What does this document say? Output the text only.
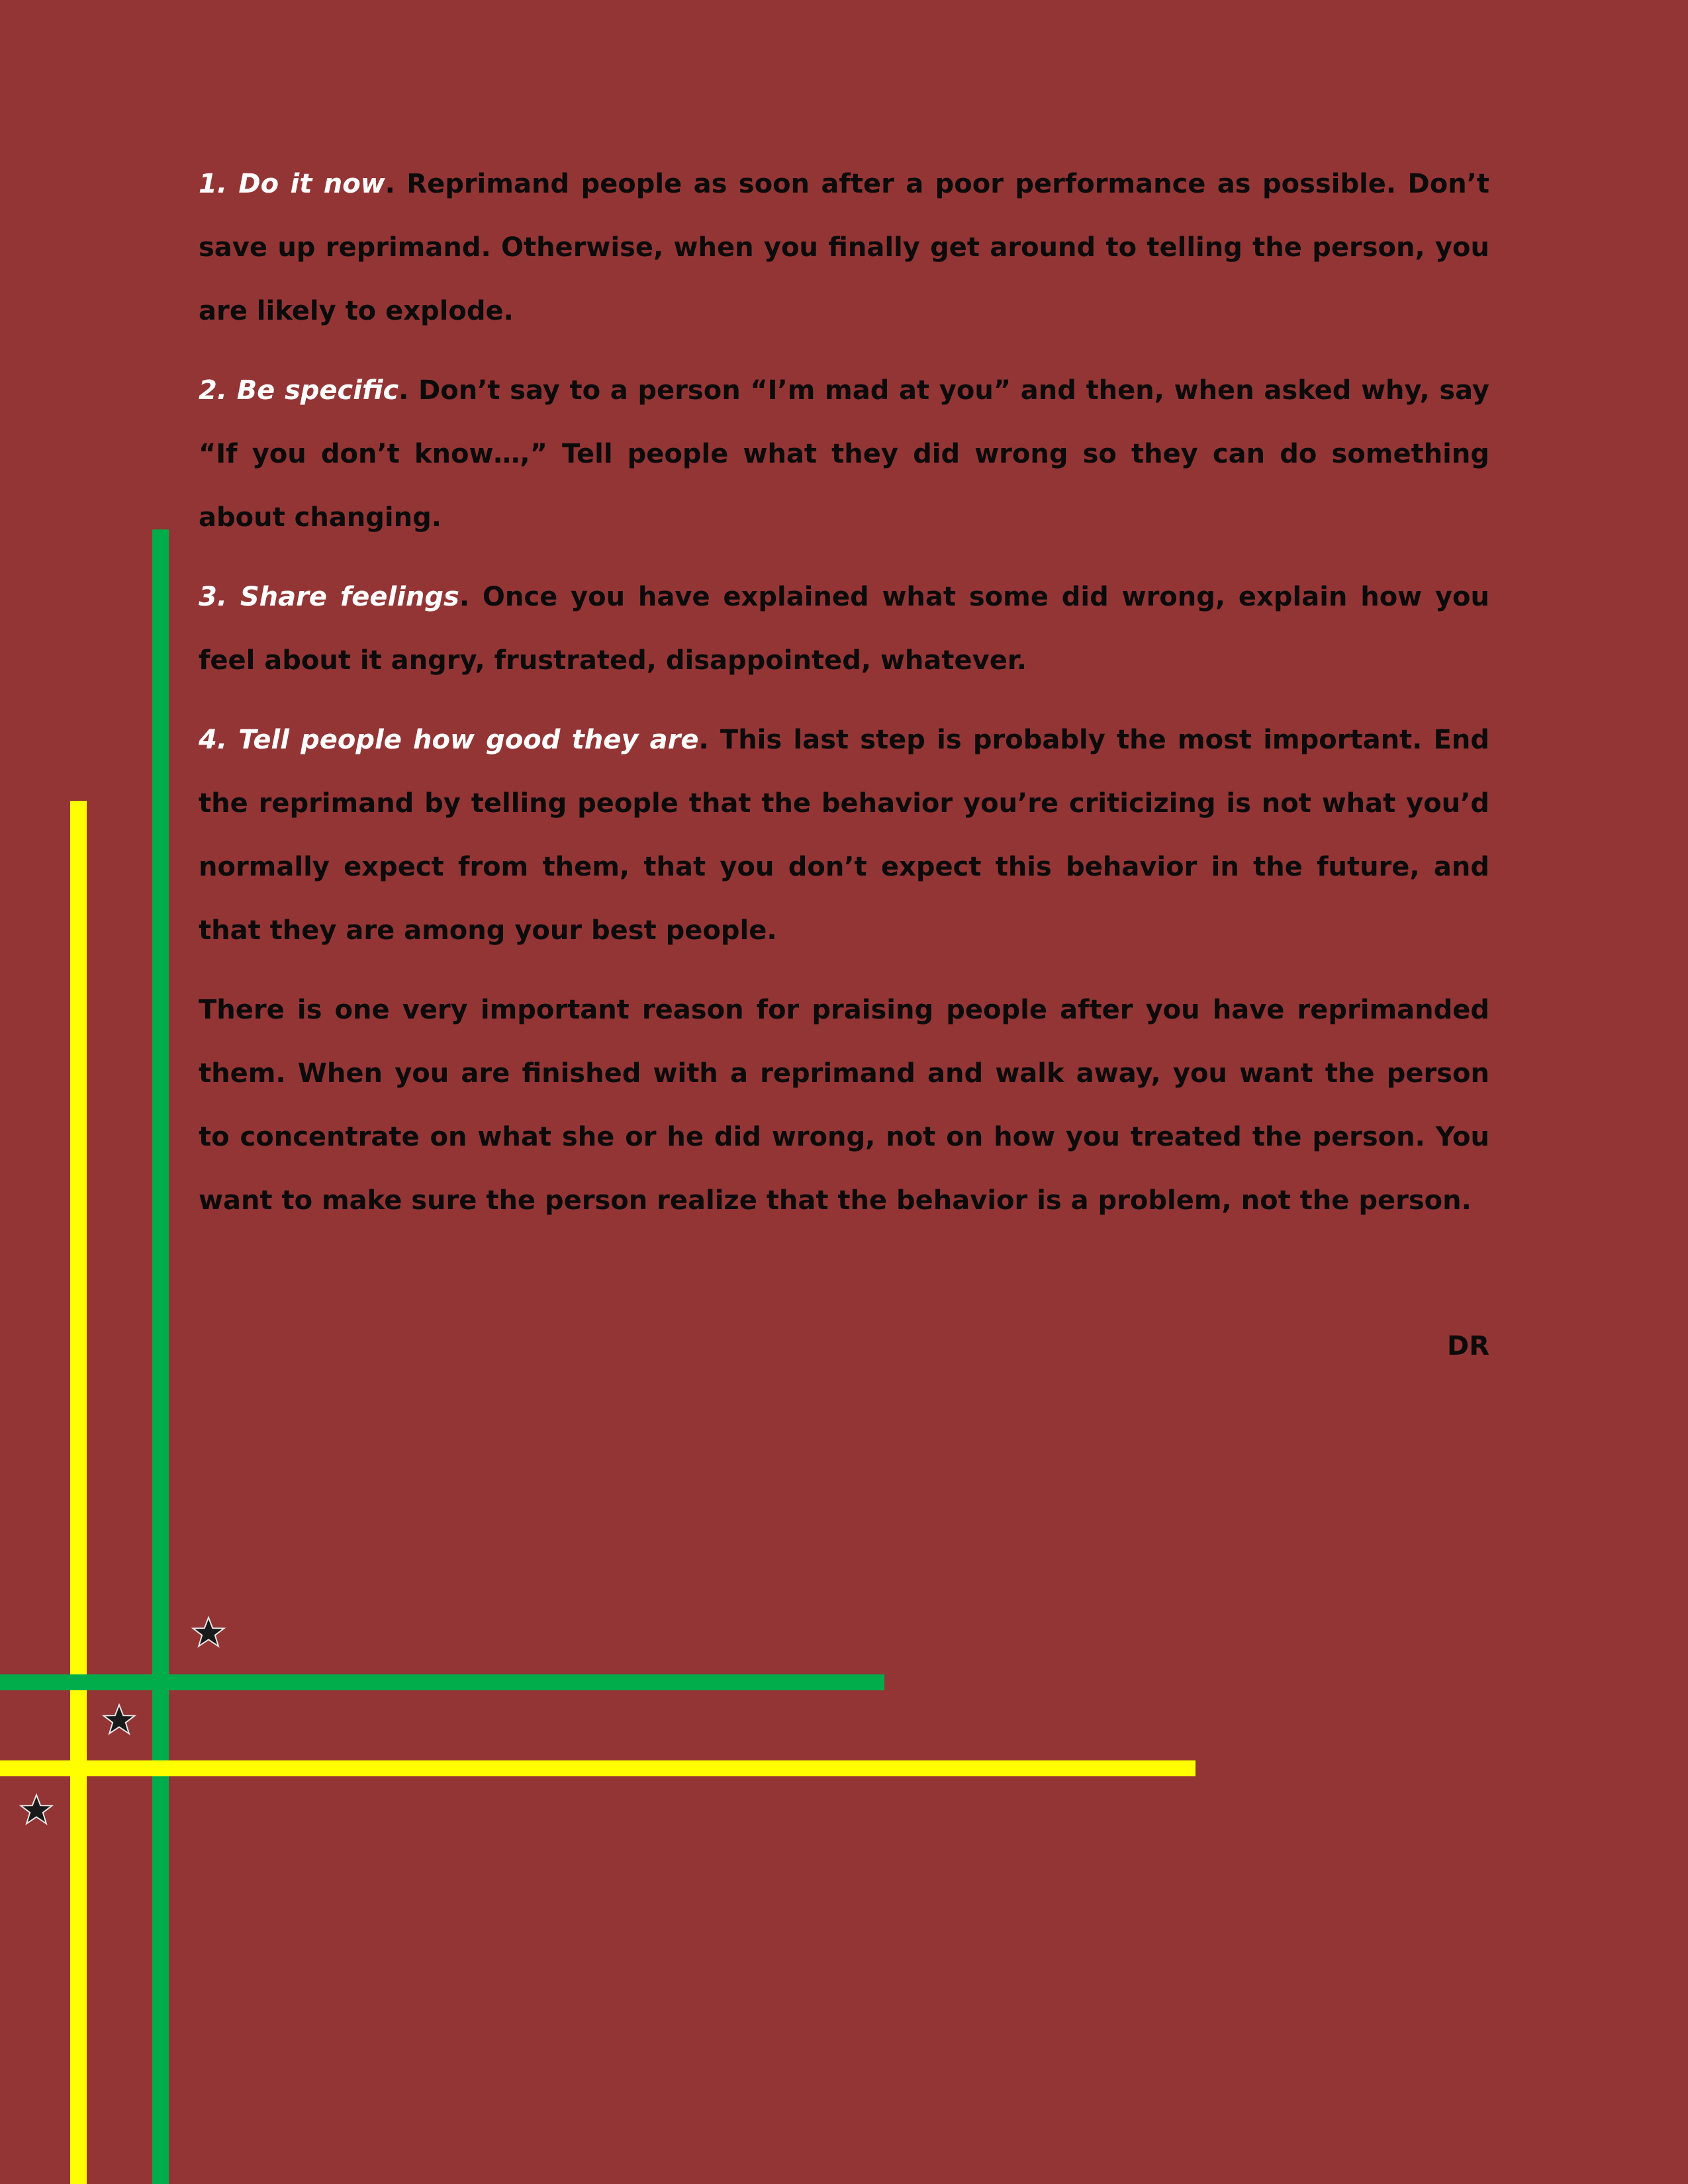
1. Do it now. Reprimand people as soon after a poor performance as possible. Don’t save up reprimand. Otherwise, when you finally get around to telling the person, you are likely to explode.

2. Be specific. Don’t say to a person “I’m mad at you” and then, when asked why, say “If you don’t know…,” Tell people what they did wrong so they can do something about changing.

3. Share feelings. Once you have explained what some did wrong, explain how you feel about it angry, frustrated, disappointed, whatever.

4. Tell people how good they are. This last step is probably the most important. End the reprimand by telling people that the behavior you’re criticizing is not what you’d normally expect from them, that you don’t expect this behavior in the future, and that they are among your best people.

There is one very important reason for praising people after you have reprimanded them. When you are finished with a reprimand and walk away, you want the person to concentrate on what she or he did wrong, not on how you treated the person. You want to make sure the person realize that the behavior is a problem, not the person.

DR
